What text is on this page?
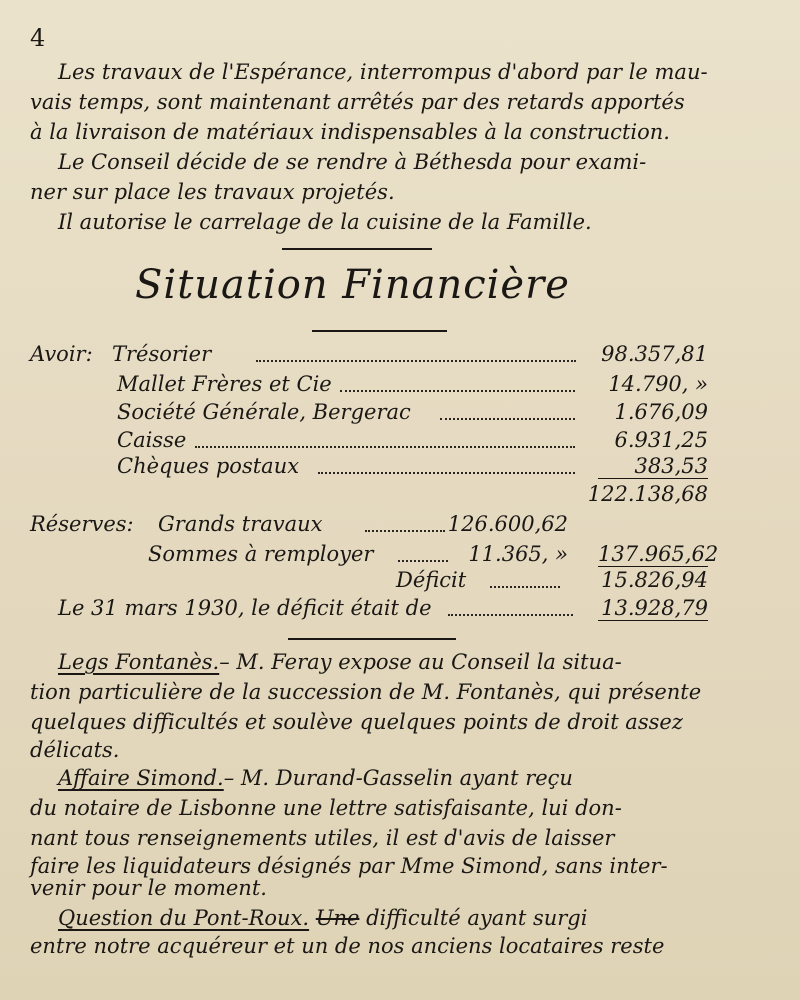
4
Les travaux de l'Espérance, interrompus d'abord par le mau-
vais temps, sont maintenant arrêtés par des retards apportés
à la livraison de matériaux indispensables à la construction.
Le Conseil décide de se rendre à Béthesda pour exami-
ner sur place les travaux projetés.
Il autorise le carrelage de la cuisine de la Famille.
Situation Financière
Avoir: Trésorier	98.357,81
Mallet Frères et Cie	14.790, »
Société Générale, Bergerac	1.676,09
Caisse	6.931,25
Chèques postaux	383,53
122.138,68
Réserves: Grands travaux	126.600,62
Sommes à remployer	11.365, » 137.965,62
Déficit	15.826,94
Le 31 mars 1930, le déficit était de	13.928,79
Legs Fontanès.– M. Feray expose au Conseil la situa-
tion particulière de la succession de M. Fontanès, qui présente
quelques difficultés et soulève quelques points de droit assez
délicats.
Affaire Simond.– M. Durand-Gasselin ayant reçu
du notaire de Lisbonne une lettre satisfaisante, lui don-
nant tous renseignements utiles, il est d'avis de laisser
faire les liquidateurs désignés par Mme Simond, sans inter-
venir pour le moment.
Question du Pont-Roux. Une difficulté ayant surgi
entre notre acquéreur et un de nos anciens locataires reste
